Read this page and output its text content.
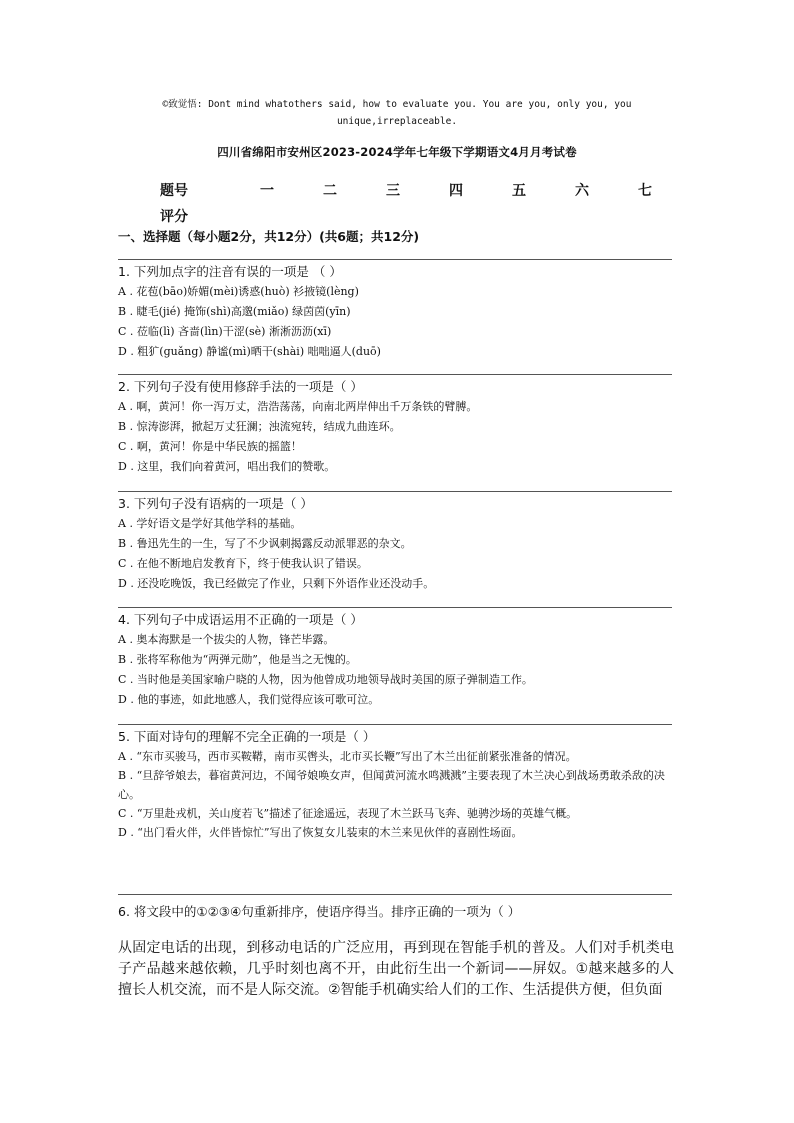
©致觉悟: Dont mind whatothers said, how to evaluate you. You are you, only you, you
unique,irreplaceable.
四川省绵阳市安州区2023-2024学年七年级下学期语文4月月考试卷
题号	一	二	三	四	五	六	七
评分
一、选择题（每小题2分，共12分）(共6题；共12分)
1. 下列加点字的注音有误的一项是 （ ）
A . 花苞(bāo)娇媚(mèi)诱惑(huò) 衫掖镜(lèng)
B . 睫毛(jié) 掩饰(shì)高邈(miǎo) 绿茵茵(yīn)
C . 莅临(lì) 吝啬(lìn)干涩(sè) 淅淅沥沥(xī)
D . 粗犷(guǎng) 静谧(mì)晒干(shài) 咄咄逼人(duō)
2. 下列句子没有使用修辞手法的一项是（ ）
A . 啊，黄河！你一泻万丈，浩浩荡荡，向南北两岸伸出千万条铁的臂膊。
B . 惊涛澎湃，掀起万丈狂澜；浊流宛转，结成九曲连环。
C . 啊，黄河！你是中华民族的摇篮！
D . 这里，我们向着黄河，唱出我们的赞歌。
3. 下列句子没有语病的一项是（ ）
A . 学好语文是学好其他学科的基础。
B . 鲁迅先生的一生，写了不少讽刺揭露反动派罪恶的杂文。
C . 在他不断地启发教育下，终于使我认识了错误。
D . 还没吃晚饭，我已经做完了作业，只剩下外语作业还没动手。
4. 下列句子中成语运用不正确的一项是（ ）
A . 奥本海默是一个拔尖的人物，锋芒毕露。
B . 张将军称他为“两弹元勋”，他是当之无愧的。
C . 当时他是美国家喻户晓的人物，因为他曾成功地领导战时美国的原子弹制造工作。
D . 他的事迹，如此地感人，我们觉得应该可歌可泣。
5. 下面对诗句的理解不完全正确的一项是（ ）
A . “东市买骏马，西市买鞍鞯，南市买辔头，北市买长鞭”写出了木兰出征前紧张准备的情况。
B . “旦辞爷娘去，暮宿黄河边，不闻爷娘唤女声，但闻黄河流水鸣溅溅”主要表现了木兰决心到战场勇敢杀敌的决心。
C . “万里赴戎机，关山度若飞”描述了征途遥远，表现了木兰跃马飞奔、驰骋沙场的英雄气概。
D . “出门看火伴，火伴皆惊忙”写出了恢复女儿装束的木兰来见伙伴的喜剧性场面。
6. 将文段中的①②③④句重新排序，使语序得当。排序正确的一项为（ ）
从固定电话的出现，到移动电话的广泛应用，再到现在智能手机的普及。人们对手机类电子产品越来越依赖，几乎时刻也离不开，由此衍生出一个新词——屏奴。①越来越多的人擅长人机交流，而不是人际交流。②智能手机确实给人们的工作、生活提供方便，但负面
